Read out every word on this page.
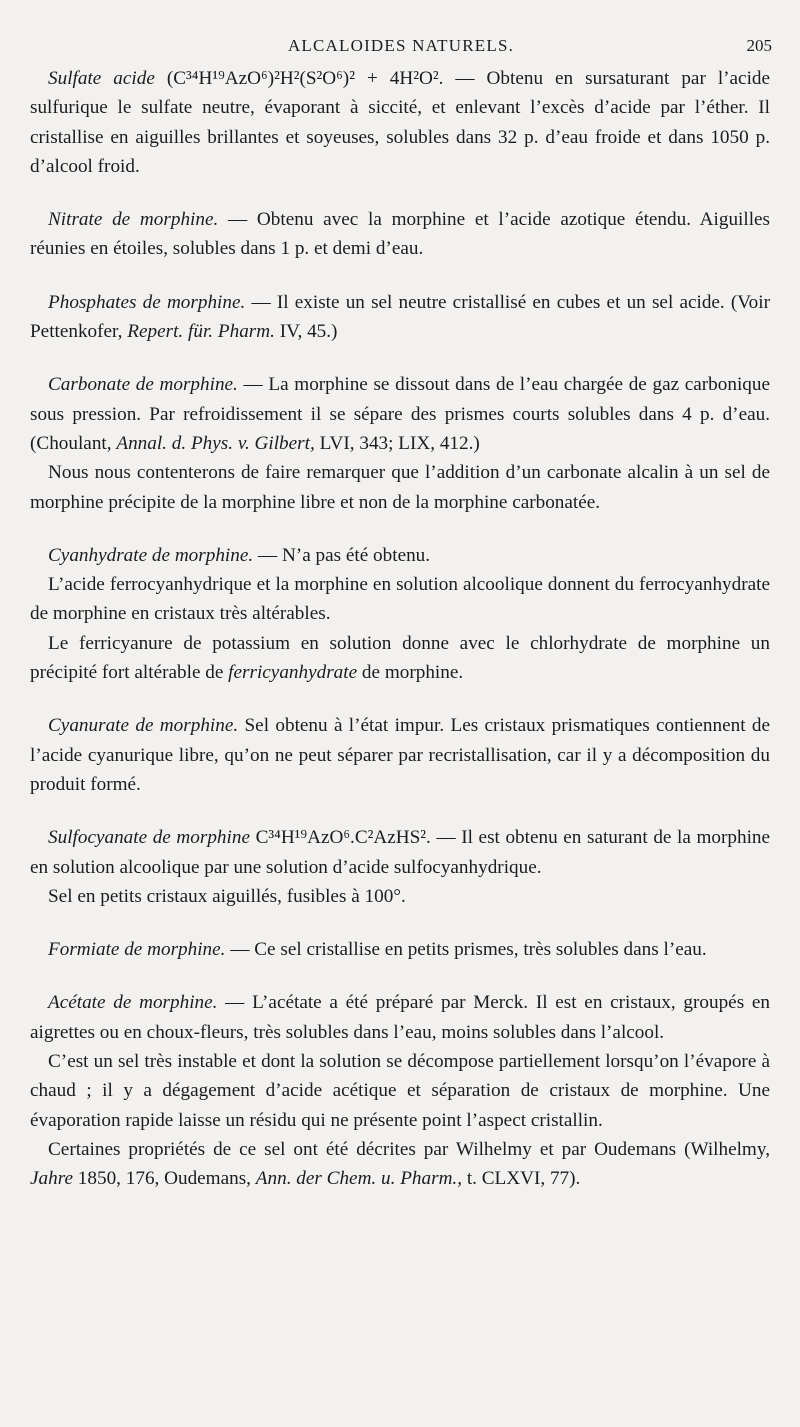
ALCALOIDES NATURELS.	205

Sulfate acide (C³⁴H¹⁹AzO⁶)²H²(S²O⁶)² + 4H²O². — Obtenu en sursaturant par l’acide sulfurique le sulfate neutre, évaporant à siccité, et enlevant l’excès d’acide par l’éther. Il cristallise en aiguilles brillantes et soyeuses, solubles dans 32 p. d’eau froide et dans 1050 p. d’alcool froid.

Nitrate de morphine. — Obtenu avec la morphine et l’acide azotique étendu. Aiguilles réunies en étoiles, solubles dans 1 p. et demi d’eau.

Phosphates de morphine. — Il existe un sel neutre cristallisé en cubes et un sel acide. (Voir Pettenkofer, Repert. für. Pharm. IV, 45.)

Carbonate de morphine. — La morphine se dissout dans de l’eau chargée de gaz carbonique sous pression. Par refroidissement il se sépare des prismes courts solubles dans 4 p. d’eau. (Choulant, Annal. d. Phys. v. Gilbert, LVI, 343; LIX, 412.)

Nous nous contenterons de faire remarquer que l’addition d’un carbonate alcalin à un sel de morphine précipite de la morphine libre et non de la morphine carbonatée.

Cyanhydrate de morphine. — N’a pas été obtenu.

L’acide ferrocyanhydrique et la morphine en solution alcoolique donnent du ferrocyanhydrate de morphine en cristaux très altérables.

Le ferricyanure de potassium en solution donne avec le chlorhydrate de morphine un précipité fort altérable de ferricyanhydrate de morphine.

Cyanurate de morphine. Sel obtenu à l’état impur. Les cristaux prismatiques contiennent de l’acide cyanurique libre, qu’on ne peut séparer par recristallisation, car il y a décomposition du produit formé.

Sulfocyanate de morphine C³⁴H¹⁹AzO⁶.C²AzHS². — Il est obtenu en saturant de la morphine en solution alcoolique par une solution d’acide sulfocyanhydrique.

Sel en petits cristaux aiguillés, fusibles à 100°.

Formiate de morphine. — Ce sel cristallise en petits prismes, très solubles dans l’eau.

Acétate de morphine. — L’acétate a été préparé par Merck. Il est en cristaux, groupés en aigrettes ou en choux-fleurs, très solubles dans l’eau, moins solubles dans l’alcool.

C’est un sel très instable et dont la solution se décompose partiellement lorsqu’on l’évapore à chaud ; il y a dégagement d’acide acétique et séparation de cristaux de morphine. Une évaporation rapide laisse un résidu qui ne présente point l’aspect cristallin.

Certaines propriétés de ce sel ont été décrites par Wilhelmy et par Oudemans (Wilhelmy, Jahre 1850, 176, Oudemans, Ann. der Chem. u. Pharm., t. CLXVI, 77).
